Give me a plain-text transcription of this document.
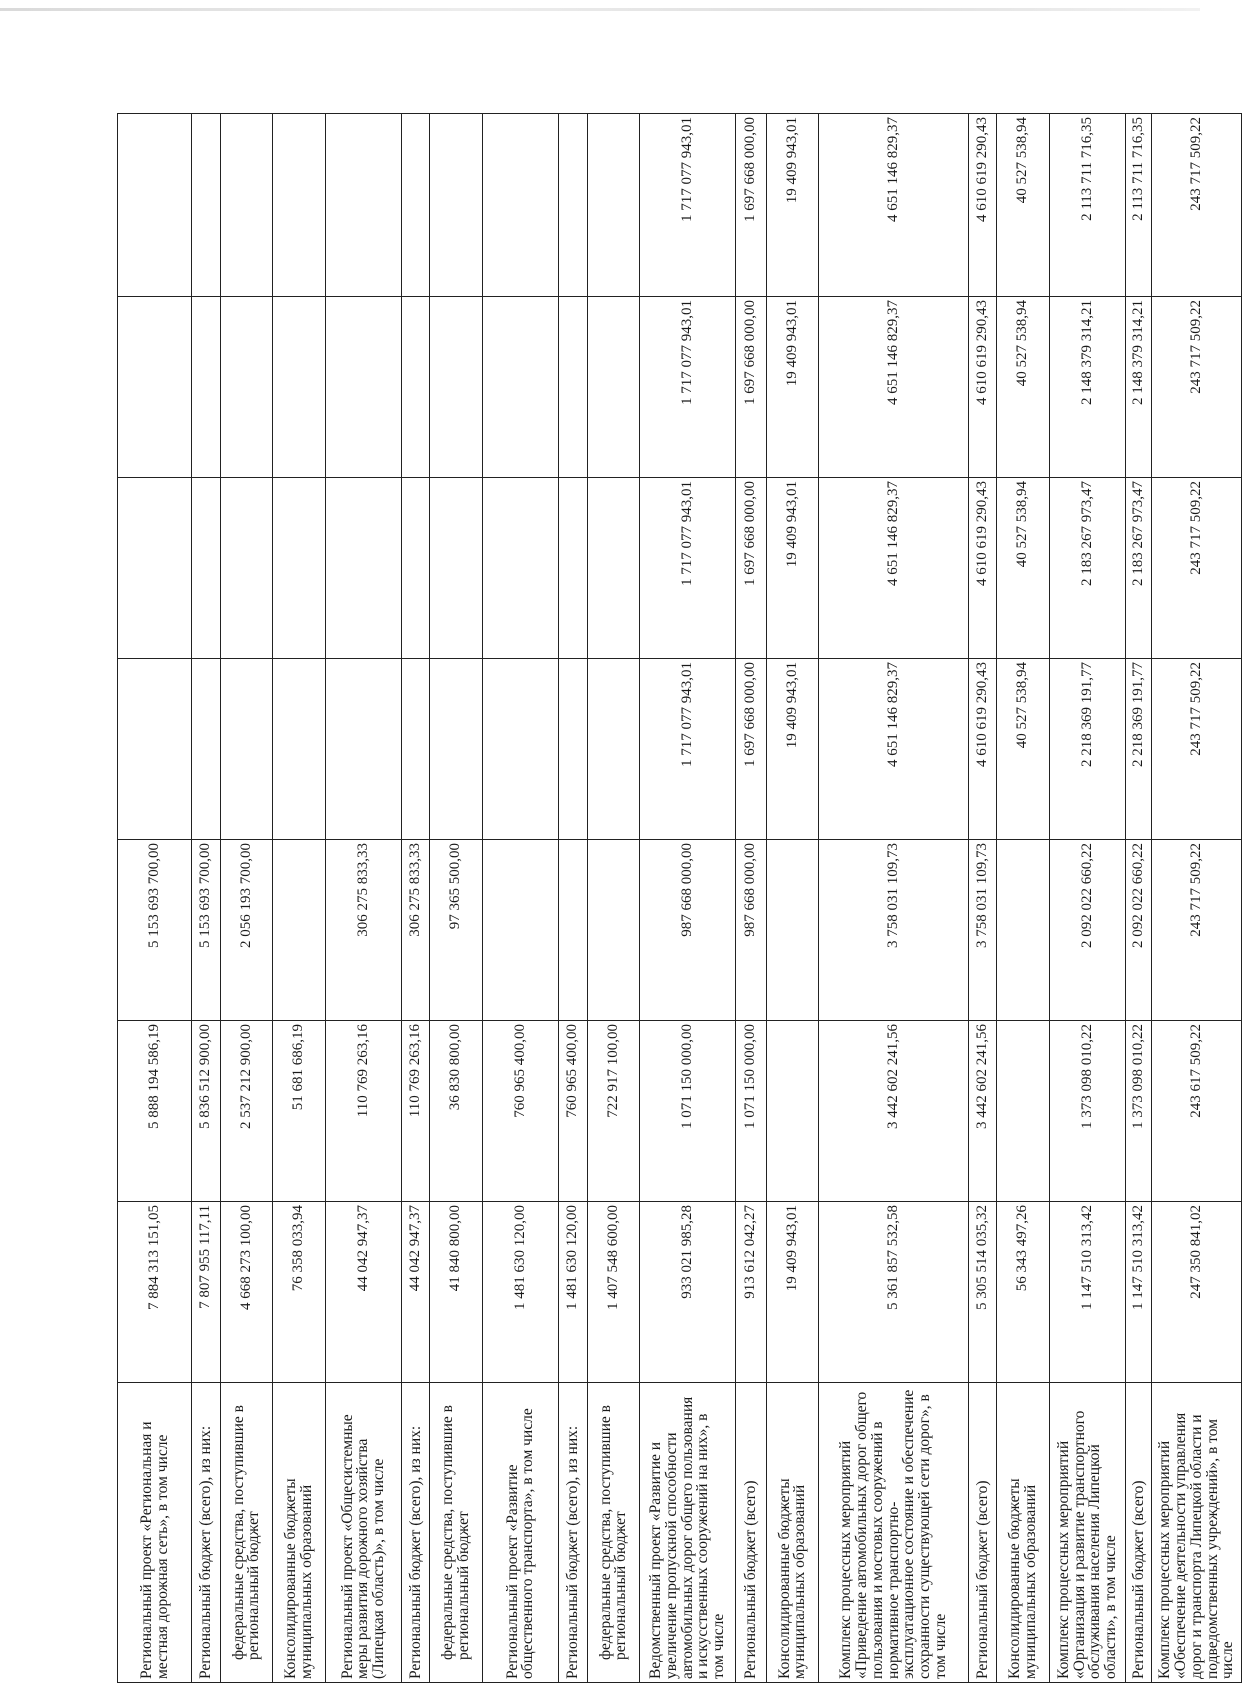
Региональный проект «Региональная и местная дорожная сеть», в том числе	7 884 313 151,05	5 888 194 586,19	5 153 693 700,00					
Региональный бюджет (всего), из них:	7 807 955 117,11	5 836 512 900,00	5 153 693 700,00					
федеральные средства, поступившие в региональный бюджет	4 668 273 100,00	2 537 212 900,00	2 056 193 700,00					
Консолидированные бюджеты муниципальных образований	76 358 033,94	51 681 686,19						
Региональный проект «Общесистемные меры развития дорожного хозяйства (Липецкая область)», в том числе	44 042 947,37	110 769 263,16	306 275 833,33					
Региональный бюджет (всего), из них:	44 042 947,37	110 769 263,16	306 275 833,33					
федеральные средства, поступившие в региональный бюджет	41 840 800,00	36 830 800,00	97 365 500,00					
Региональный проект «Развитие общественного транспорта», в том числе	1 481 630 120,00	760 965 400,00						
Региональный бюджет (всего), из них:	1 481 630 120,00	760 965 400,00						
федеральные средства, поступившие в региональный бюджет	1 407 548 600,00	722 917 100,00						
Ведомственный проект «Развитие и увеличение пропускной способности автомобильных дорог общего пользования и искусственных сооружений на них», в том числе	933 021 985,28	1 071 150 000,00	987 668 000,00	1 717 077 943,01	1 717 077 943,01	1 717 077 943,01	1 717 077 943,01	
Региональный бюджет (всего)	913 612 042,27	1 071 150 000,00	987 668 000,00	1 697 668 000,00	1 697 668 000,00	1 697 668 000,00	1 697 668 000,00	
Консолидированные бюджеты муниципальных образований	19 409 943,01			19 409 943,01	19 409 943,01	19 409 943,01	19 409 943,01	
Комплекс процессных мероприятий «Приведение автомобильных дорог общего пользования и мостовых сооружений в нормативное транспортно-эксплуатационное состояние и обеспечение сохранности существующей сети дорог», в том числе	5 361 857 532,58	3 442 602 241,56	3 758 031 109,73	4 651 146 829,37	4 651 146 829,37	4 651 146 829,37	4 651 146 829,37	
Региональный бюджет (всего)	5 305 514 035,32	3 442 602 241,56	3 758 031 109,73	4 610 619 290,43	4 610 619 290,43	4 610 619 290,43	4 610 619 290,43	
Консолидированные бюджеты муниципальных образований	56 343 497,26			40 527 538,94	40 527 538,94	40 527 538,94	40 527 538,94	
Комплекс процессных мероприятий «Организация и развитие транспортного обслуживания населения Липецкой области», в том числе	1 147 510 313,42	1 373 098 010,22	2 092 022 660,22	2 218 369 191,77	2 183 267 973,47	2 148 379 314,21	2 113 711 716,35	
Региональный бюджет (всего)	1 147 510 313,42	1 373 098 010,22	2 092 022 660,22	2 218 369 191,77	2 183 267 973,47	2 148 379 314,21	2 113 711 716,35	
Комплекс процессных мероприятий «Обеспечение деятельности управления дорог и транспорта Липецкой области и подведомственных учреждений», в том числе	247 350 841,02	243 617 509,22	243 717 509,22	243 717 509,22	243 717 509,22	243 717 509,22	243 717 509,22	
